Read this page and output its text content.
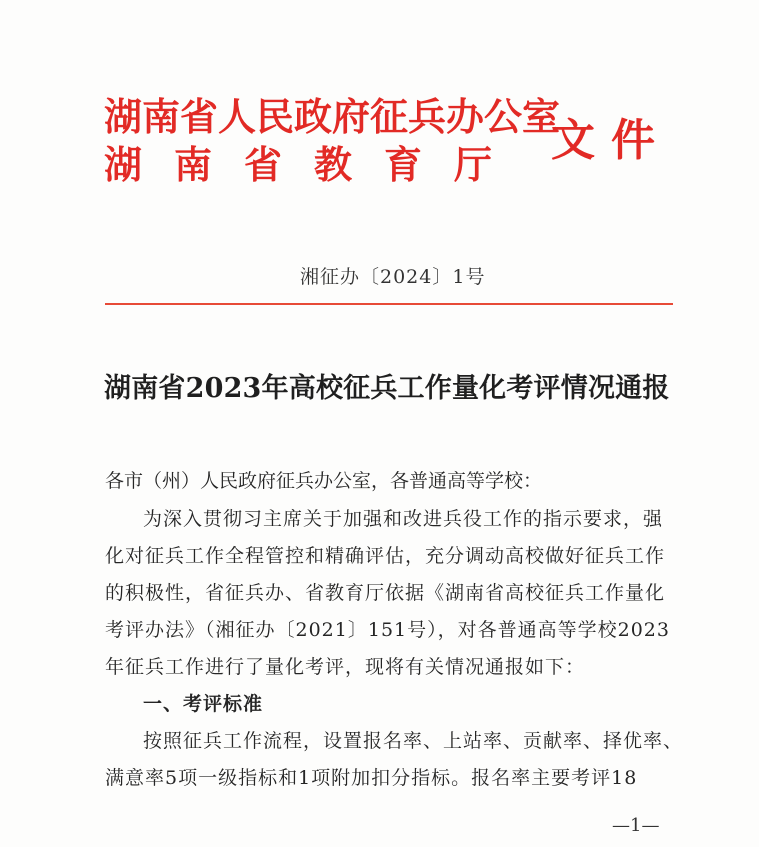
湖南省人民政府征兵办公室
湖南省教育厅 文件
湘征办〔2024〕1号
湖南省2023年高校征兵工作量化考评情况通报
各市（州）人民政府征兵办公室，各普通高等学校：
为深入贯彻习主席关于加强和改进兵役工作的指示要求，强
化对征兵工作全程管控和精确评估，充分调动高校做好征兵工作
的积极性，省征兵办、省教育厅依据《湖南省高校征兵工作量化
考评办法》（湘征办〔2021〕151号），对各普通高等学校2023
年征兵工作进行了量化考评，现将有关情况通报如下：
一、考评标准
按照征兵工作流程，设置报名率、上站率、贡献率、择优率、
满意率5项一级指标和1项附加扣分指标。报名率主要考评18
—1—
